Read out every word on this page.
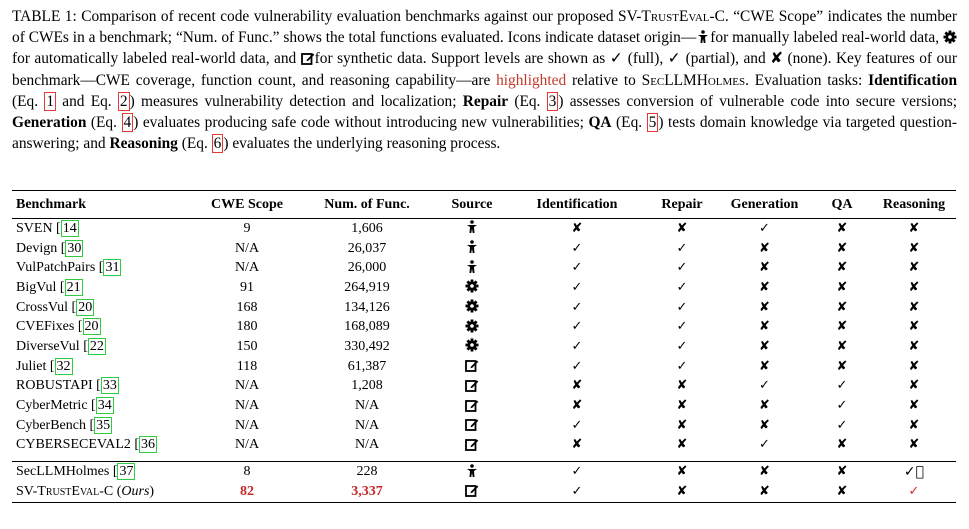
TABLE 1: Comparison of recent code vulnerability evaluation benchmarks against our proposed SV-TrustEval-C. “CWE Scope” indicates the number of CWEs in a benchmark; “Num. of Func.” shows the total functions evaluated. Icons indicate dataset origin— for manually labeled real-world data, for automatically labeled real-world data, and for synthetic data. Support levels are shown as ✓ (full), ✓ (partial), and ✘ (none). Key features of our benchmark—CWE coverage, function count, and reasoning capability—are highlighted relative to SecLLMHolmes. Evaluation tasks: Identification (Eq. 1 and Eq. 2 ) measures vulnerability detection and localization; Repair (Eq. 3 ) assesses conversion of vulnerable code into secure versions; Generation (Eq. 4 ) evaluates producing safe code without introducing new vulnerabilities; QA (Eq. 5 ) tests domain knowledge via targeted question-answering; and Reasoning (Eq. 6 ) evaluates the underlying reasoning process.
Benchmark	CWE Scope	Num. of Func.	Source	Identification	Repair	Generation	QA	Reasoning
SVEN [ 14	9	1,606		✘	✘	✓	✘	✘
Devign [ 30	N/A	26,037		✓	✓	✘	✘	✘
VulPatchPairs [ 31	N/A	26,000		✓	✓	✘	✘	✘
BigVul [ 21	91	264,919		✓	✓	✘	✘	✘
CrossVul [ 20	168	134,126		✓	✓	✘	✘	✘
CVEFixes [ 20	180	168,089		✓	✓	✘	✘	✘
DiverseVul [ 22	150	330,492		✓	✓	✘	✘	✘
Juliet [ 32	118	61,387		✓	✓	✘	✘	✘
ROBUSTAPI [ 33	N/A	1,208		✘	✘	✓	✓	✘
CyberMetric [ 34	N/A	N/A		✘	✘	✘	✓	✘
CyberBench [ 35	N/A	N/A		✓	✘	✘	✓	✘
CYBERSECEVAL2 [ 36	N/A	N/A		✘	✘	✓	✘	✘

SecLLMHolmes [ 37	8	228		✓	✘	✘	✘	✓⃝
SV-TrustEval-C (Ours)	82	3,337		✓	✘	✘	✘	✓
